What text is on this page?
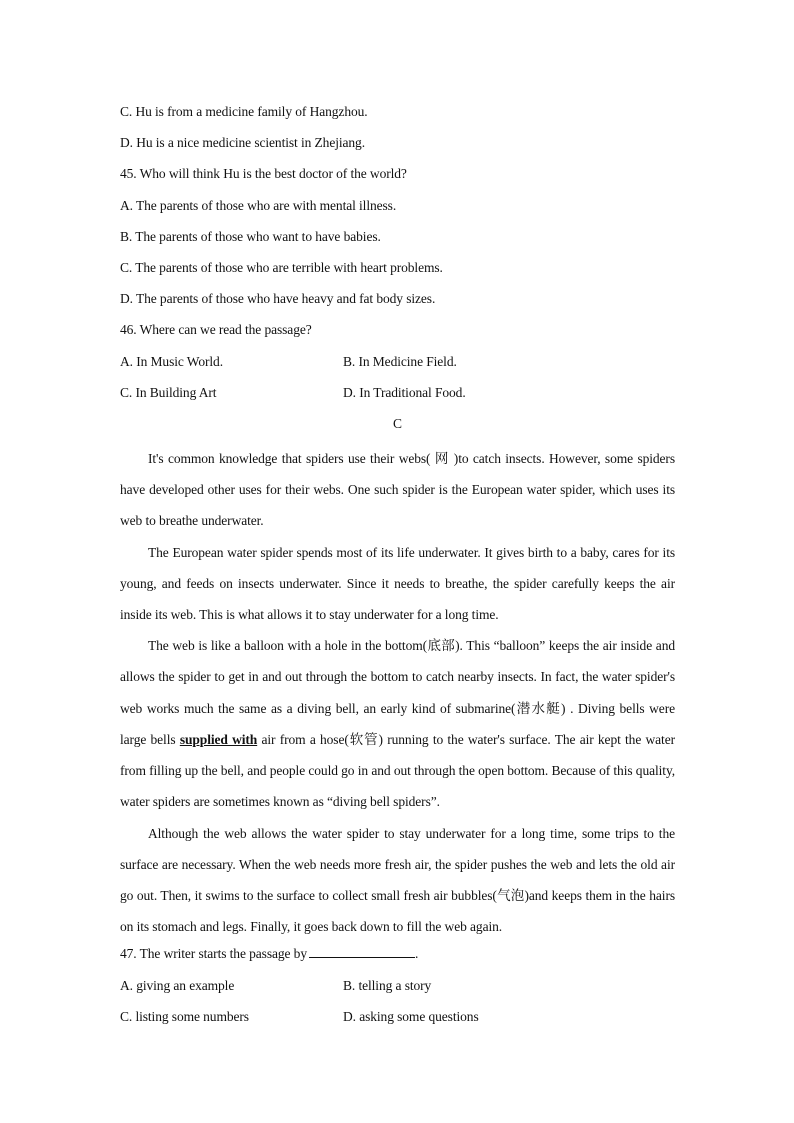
C. Hu is from a medicine family of Hangzhou.
D. Hu is a nice medicine scientist in Zhejiang.
45. Who will think Hu is the best doctor of the world?
A. The parents of those who are with mental illness.
B. The parents of those who want to have babies.
C. The parents of those who are terrible with heart problems.
D. The parents of those who have heavy and fat body sizes.
46. Where can we read the passage?
A. In Music World.	B. In Medicine Field.
C. In Building Art	D. In Traditional Food.
C

It's common knowledge that spiders use their webs( 网 )to catch insects. However, some spiders have developed other uses for their webs. One such spider is the European water spider, which uses its web to breathe underwater.

The European water spider spends most of its life underwater. It gives birth to a baby, cares for its young, and feeds on insects underwater. Since it needs to breathe, the spider carefully keeps the air inside its web. This is what allows it to stay underwater for a long time.

The web is like a balloon with a hole in the bottom(底部). This “balloon” keeps the air inside and allows the spider to get in and out through the bottom to catch nearby insects. In fact, the water spider's web works much the same as a diving bell, an early kind of submarine(潜水艇) . Diving bells were large bells supplied with air from a hose(软管) running to the water's surface. The air kept the water from filling up the bell, and people could go in and out through the open bottom. Because of this quality, water spiders are sometimes known as “diving bell spiders”.

Although the web allows the water spider to stay underwater for a long time, some trips to the surface are necessary. When the web needs more fresh air, the spider pushes the web and lets the old air go out. Then, it swims to the surface to collect small fresh air bubbles(气泡)and keeps them in the hairs on its stomach and legs. Finally, it goes back down to fill the web again.

47. The writer starts the passage by	.
A. giving an example	B. telling a story
C. listing some numbers	D. asking some questions
